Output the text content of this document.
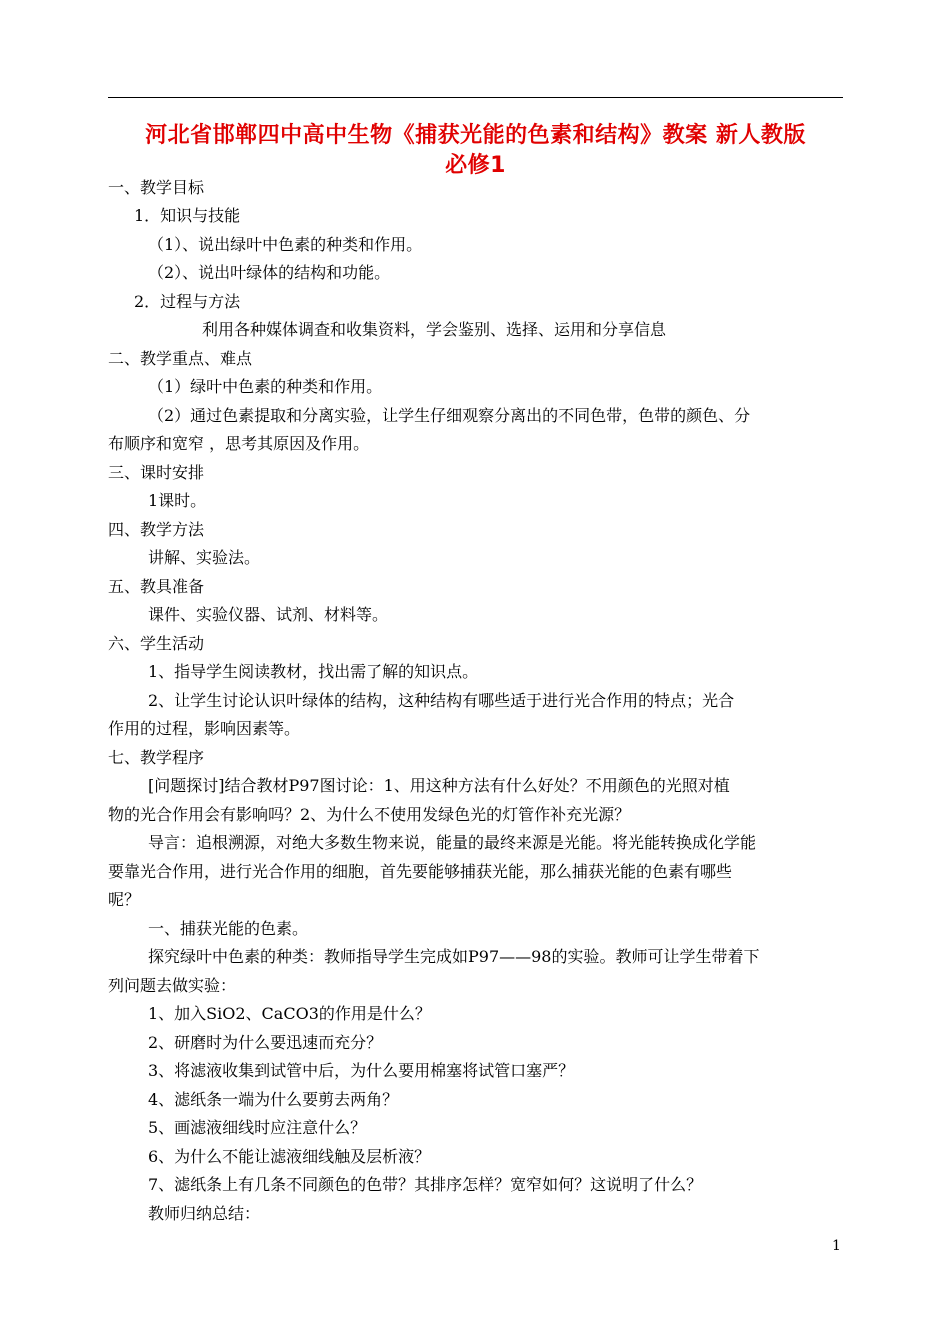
河北省邯郸四中高中生物《捕获光能的色素和结构》教案 新人教版
必修1
一、教学目标
1．知识与技能
（1）、说出绿叶中色素的种类和作用。
（2）、说出叶绿体的结构和功能。
2．过程与方法
利用各种媒体调查和收集资料，学会鉴别、选择、运用和分享信息
二、教学重点、难点
（1）绿叶中色素的种类和作用。
（2）通过色素提取和分离实验，让学生仔细观察分离出的不同色带，色带的颜色、分
布顺序和宽窄 ，思考其原因及作用。
三、课时安排
1课时。
四、教学方法
讲解、实验法。
五、教具准备
课件、实验仪器、试剂、材料等。
六、学生活动
1、指导学生阅读教材，找出需了解的知识点。
2、让学生讨论认识叶绿体的结构，这种结构有哪些适于进行光合作用的特点；光合
作用的过程，影响因素等。
七、教学程序
[问题探讨]结合教材P97图讨论：1、用这种方法有什么好处？不用颜色的光照对植
物的光合作用会有影响吗？2、为什么不使用发绿色光的灯管作补充光源？
导言：追根溯源，对绝大多数生物来说，能量的最终来源是光能。将光能转换成化学能
要靠光合作用，进行光合作用的细胞，首先要能够捕获光能，那么捕获光能的色素有哪些
呢？
一、捕获光能的色素。
探究绿叶中色素的种类：教师指导学生完成如P97——98的实验。教师可让学生带着下
列问题去做实验：
1、加入SiO2、CaCO3的作用是什么？
2、研磨时为什么要迅速而充分？
3、将滤液收集到试管中后，为什么要用棉塞将试管口塞严？
4、滤纸条一端为什么要剪去两角？
5、画滤液细线时应注意什么？
6、为什么不能让滤液细线触及层析液？
7、滤纸条上有几条不同颜色的色带？其排序怎样？宽窄如何？这说明了什么？
教师归纳总结：
1
